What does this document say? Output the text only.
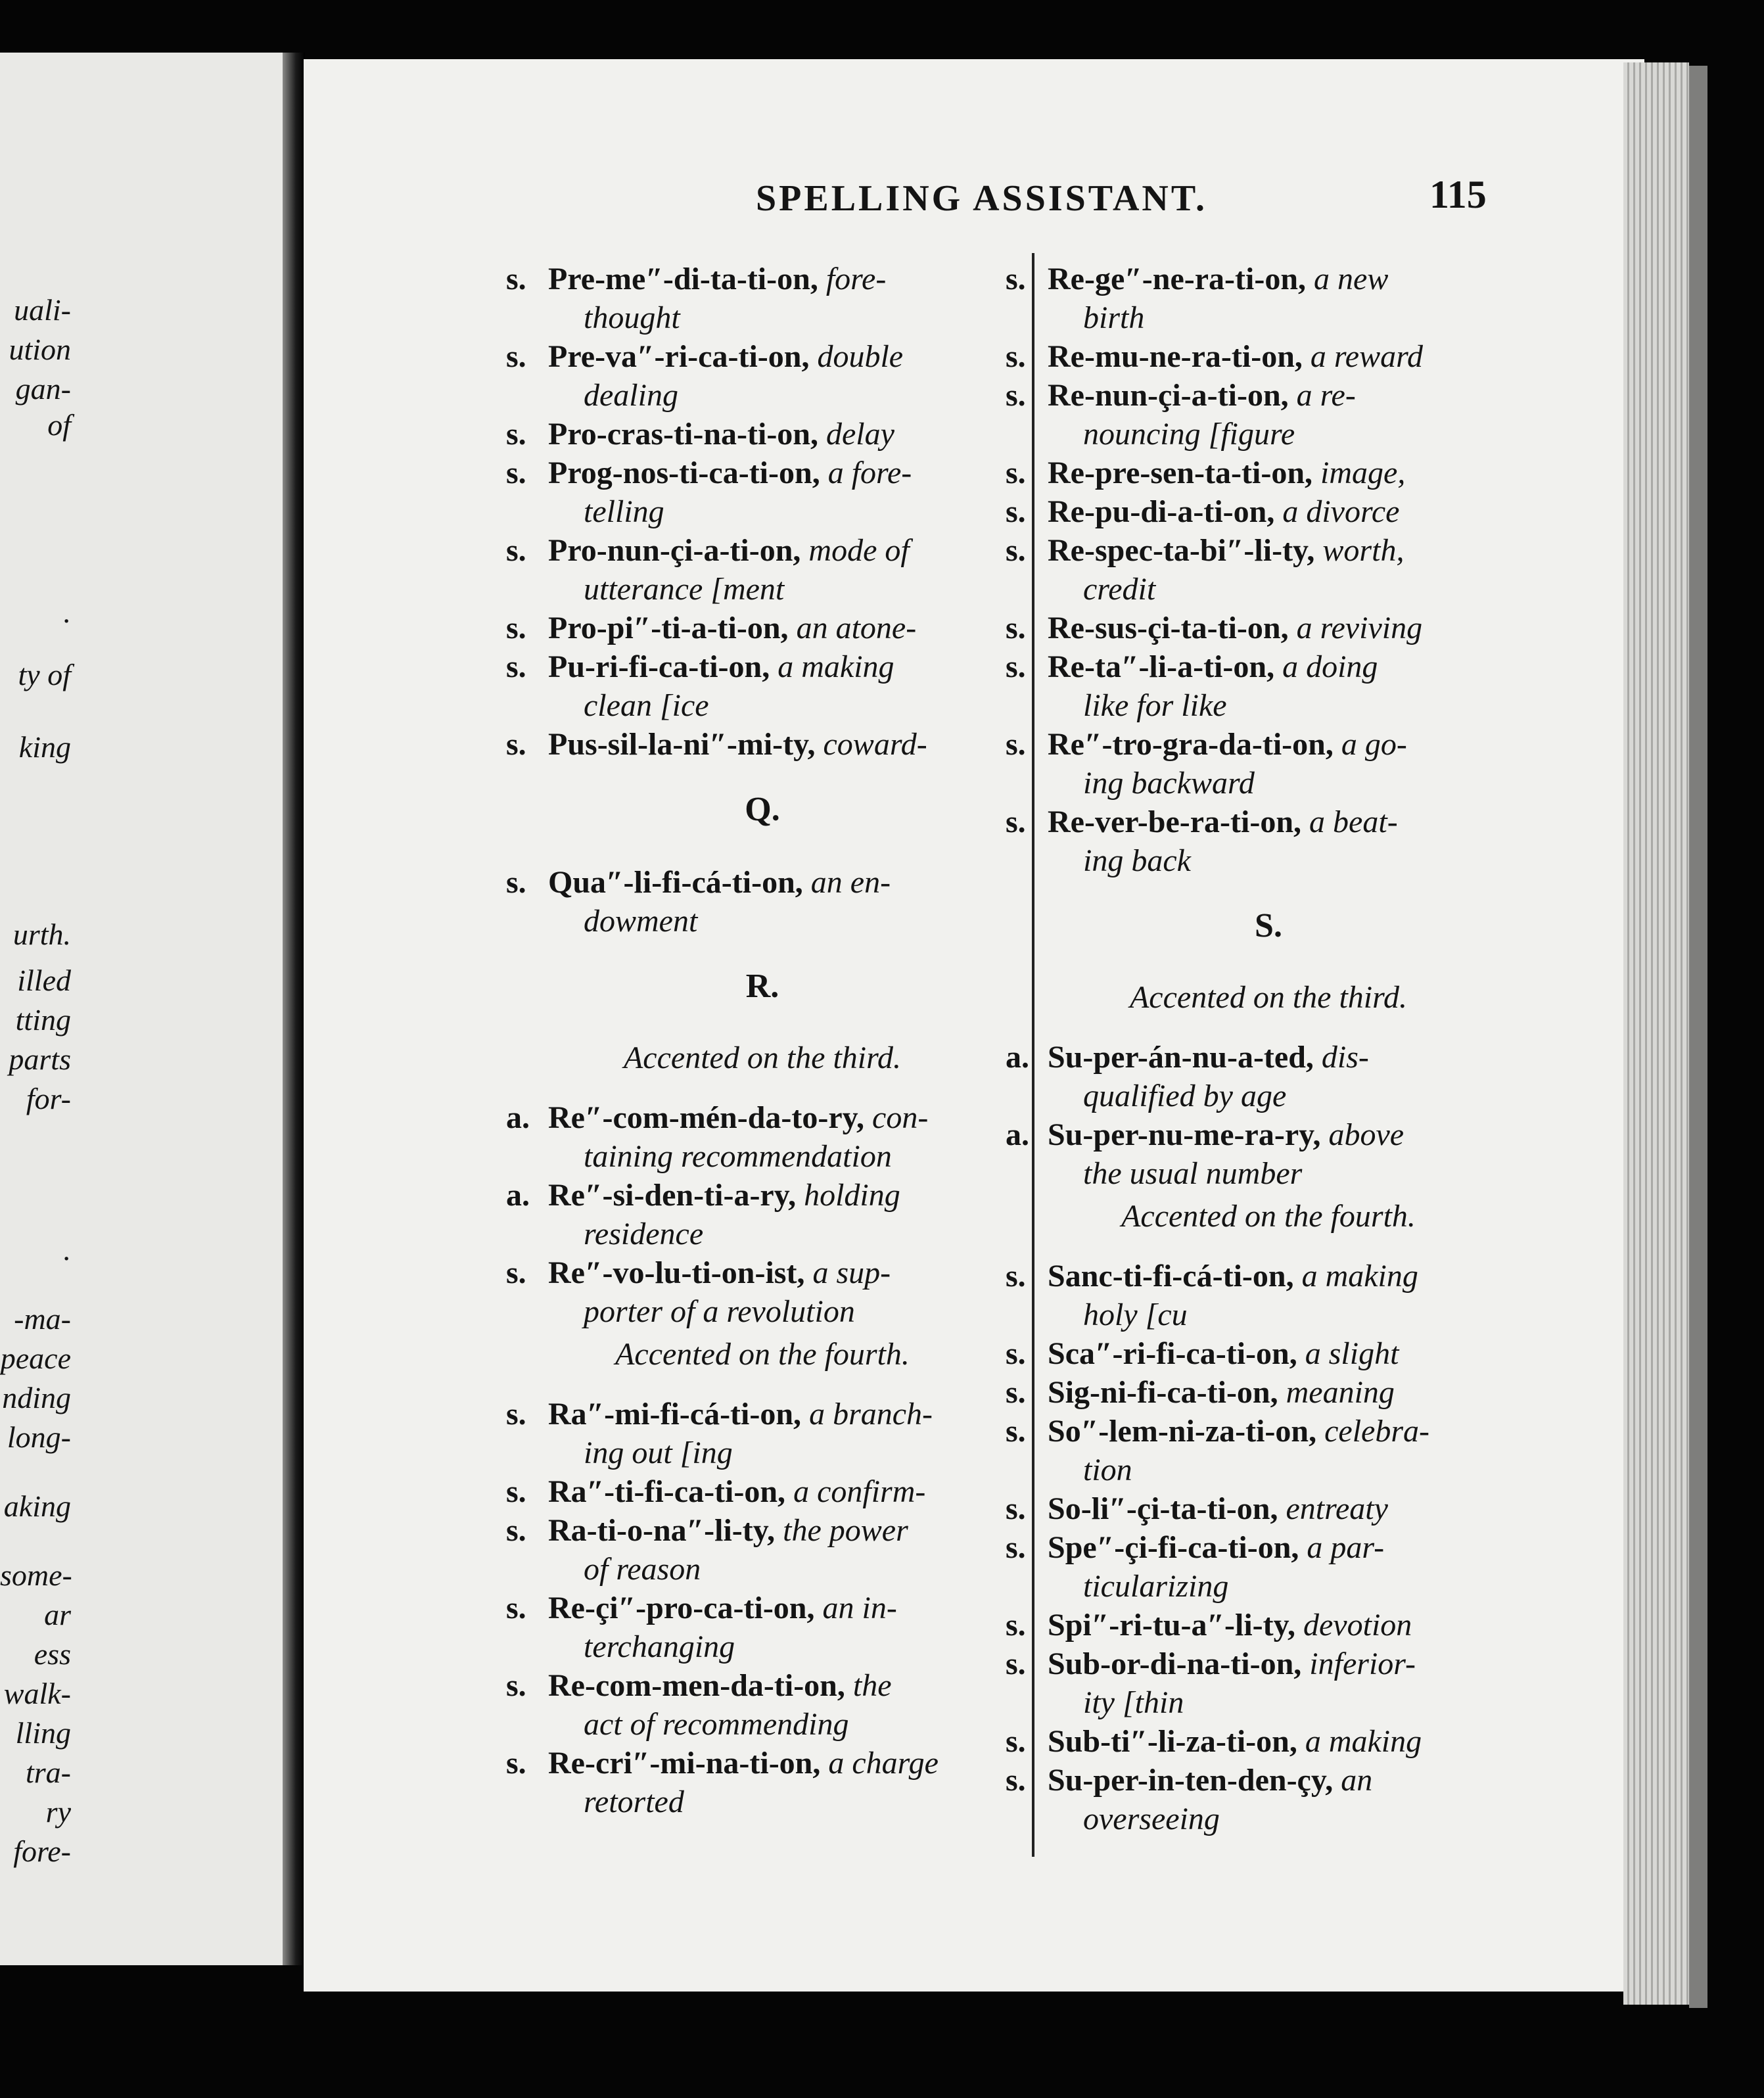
uali-
ution
gan-
of
.
ty of
king
urth.
illed
tting
parts
for-
.
-ma-
peace
nding
long-
aking
some-
ar
ess
walk-
lling
tra-
ry
fore-
SPELLING ASSISTANT.	115
s. Pre-me″-di-ta-ti-on, fore-
thought
s. Pre-va″-ri-ca-ti-on, double
dealing
s. Pro-cras-ti-na-ti-on, delay
s. Prog-nos-ti-ca-ti-on, a fore-
telling
s. Pro-nun-çi-a-ti-on, mode of
utterance [ment
s. Pro-pi″-ti-a-ti-on, an atone-
s. Pu-ri-fi-ca-ti-on, a making
clean [ice
s. Pus-sil-la-ni″-mi-ty, coward-
Q.
s. Qua″-li-fi-cá-ti-on, an en-
dowment
R.
Accented on the third.
a. Re″-com-mén-da-to-ry, con-
taining recommendation
a. Re″-si-den-ti-a-ry, holding
residence
s. Re″-vo-lu-ti-on-ist, a sup-
porter of a revolution
Accented on the fourth.
s. Ra″-mi-fi-cá-ti-on, a branch-
ing out [ing
s. Ra″-ti-fi-ca-ti-on, a confirm-
s. Ra-ti-o-na″-li-ty, the power
of reason
s. Re-çi″-pro-ca-ti-on, an in-
terchanging
s. Re-com-men-da-ti-on, the
act of recommending
s. Re-cri″-mi-na-ti-on, a charge
retorted
s. Re-ge″-ne-ra-ti-on, a new
birth
s. Re-mu-ne-ra-ti-on, a reward
s. Re-nun-çi-a-ti-on, a re-
nouncing [figure
s. Re-pre-sen-ta-ti-on, image,
s. Re-pu-di-a-ti-on, a divorce
s. Re-spec-ta-bi″-li-ty, worth,
credit
s. Re-sus-çi-ta-ti-on, a reviving
s. Re-ta″-li-a-ti-on, a doing
like for like
s. Re″-tro-gra-da-ti-on, a go-
ing backward
s. Re-ver-be-ra-ti-on, a beat-
ing back
S.
Accented on the third.
a. Su-per-án-nu-a-ted, dis-
qualified by age
a. Su-per-nu-me-ra-ry, above
the usual number
Accented on the fourth.
s. Sanc-ti-fi-cá-ti-on, a making
holy [cu
s. Sca″-ri-fi-ca-ti-on, a slight
s. Sig-ni-fi-ca-ti-on, meaning
s. So″-lem-ni-za-ti-on, celebra-
tion
s. So-li″-çi-ta-ti-on, entreaty
s. Spe″-çi-fi-ca-ti-on, a par-
ticularizing
s. Spi″-ri-tu-a″-li-ty, devotion
s. Sub-or-di-na-ti-on, inferior-
ity [thin
s. Sub-ti″-li-za-ti-on, a making
s. Su-per-in-ten-den-çy, an
overseeing
